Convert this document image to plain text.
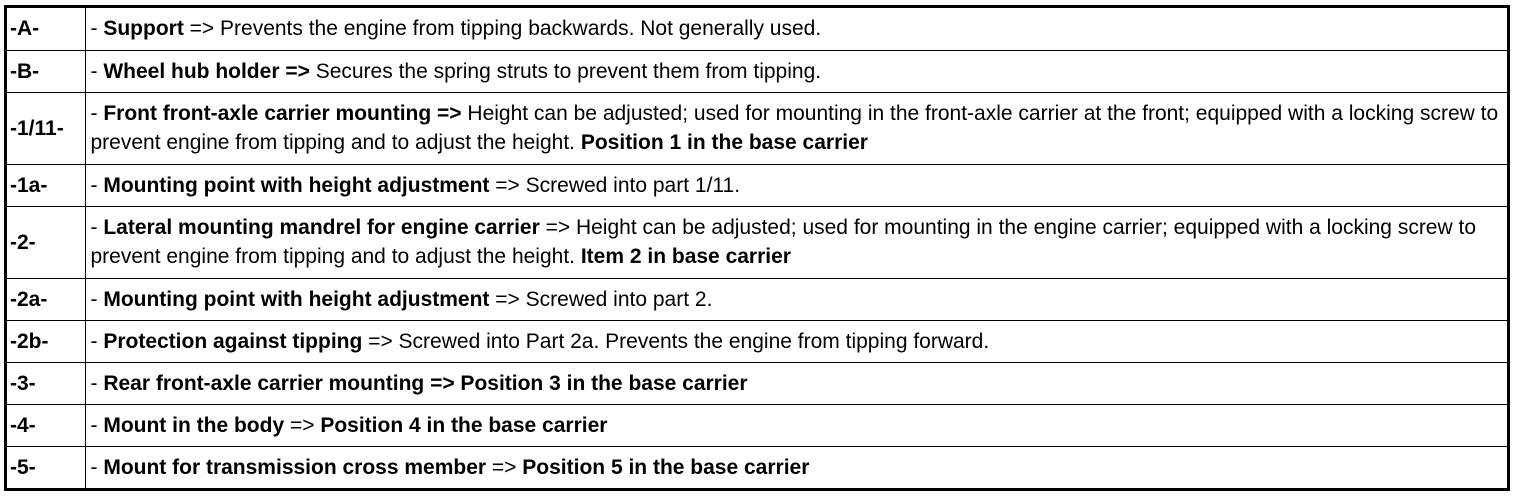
-A-	- Support => Prevents the engine from tipping backwards. Not generally used.
-B-	- Wheel hub holder => Secures the spring struts to prevent them from tipping.
-1/11-	- Front front-axle carrier mounting => Height can be adjusted; used for mounting in the front-axle carrier at the front; equipped with a locking screw to prevent engine from tipping and to adjust the height. Position 1 in the base carrier
-1a-	- Mounting point with height adjustment => Screwed into part 1/11.
-2-	- Lateral mounting mandrel for engine carrier => Height can be adjusted; used for mounting in the engine carrier; equipped with a locking screw to prevent engine from tipping and to adjust the height. Item 2 in base carrier
-2a-	- Mounting point with height adjustment => Screwed into part 2.
-2b-	- Protection against tipping => Screwed into Part 2a. Prevents the engine from tipping forward.
-3-	- Rear front-axle carrier mounting => Position 3 in the base carrier
-4-	- Mount in the body => Position 4 in the base carrier
-5-	- Mount for transmission cross member => Position 5 in the base carrier
